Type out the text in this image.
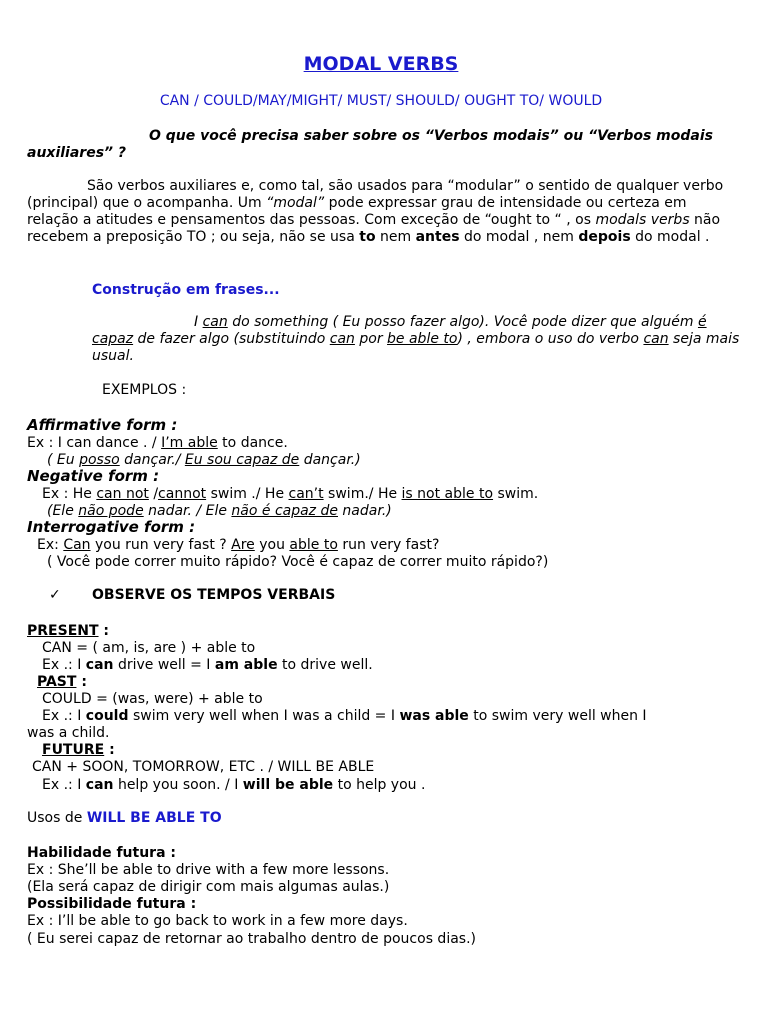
MODAL VERBS
CAN / COULD/MAY/MIGHT/ MUST/ SHOULD/ OUGHT TO/ WOULD
O que você precisa saber sobre os “Verbos modais” ou “Verbos modais auxiliares” ?
São verbos auxiliares e, como tal, são usados para “modular” o sentido de qualquer verbo (principal) que o acompanha. Um “modal” pode expressar grau de intensidade ou certeza em relação a atitudes e pensamentos das pessoas. Com exceção de “ought to “ , os modals verbs não recebem a preposição TO ; ou seja, não se usa to nem antes do modal , nem depois do modal .
Construção em frases...
I can do something ( Eu posso fazer algo). Você pode dizer que alguém é capaz de fazer algo (substituindo can por be able to) , embora o uso do verbo can seja mais usual.
EXEMPLOS :
Affirmative form :
Ex : I can dance . / I’m able to dance.
( Eu posso dançar./ Eu sou capaz de dançar.)
Negative form :
Ex : He can not /cannot swim ./ He can’t swim./ He is not able to swim.
(Ele não pode nadar. / Ele não é capaz de nadar.)
Interrogative form :
Ex: Can you run very fast ? Are you able to run very fast?
( Você pode correr muito rápido? Você é capaz de correr muito rápido?)
✓ OBSERVE OS TEMPOS VERBAIS
PRESENT :
CAN = ( am, is, are ) + able to
Ex .: I can drive well = I am able to drive well.
PAST :
COULD = (was, were) + able to
Ex .: I could swim very well when I was a child = I was able to swim very well when I
was a child.
FUTURE :
CAN + SOON, TOMORROW, ETC . / WILL BE ABLE
Ex .: I can help you soon. / I will be able to help you .
Usos de WILL BE ABLE TO
Habilidade futura :
Ex : She’ll be able to drive with a few more lessons.
(Ela será capaz de dirigir com mais algumas aulas.)
Possibilidade futura :
Ex : I’ll be able to go back to work in a few more days.
( Eu serei capaz de retornar ao trabalho dentro de poucos dias.)
